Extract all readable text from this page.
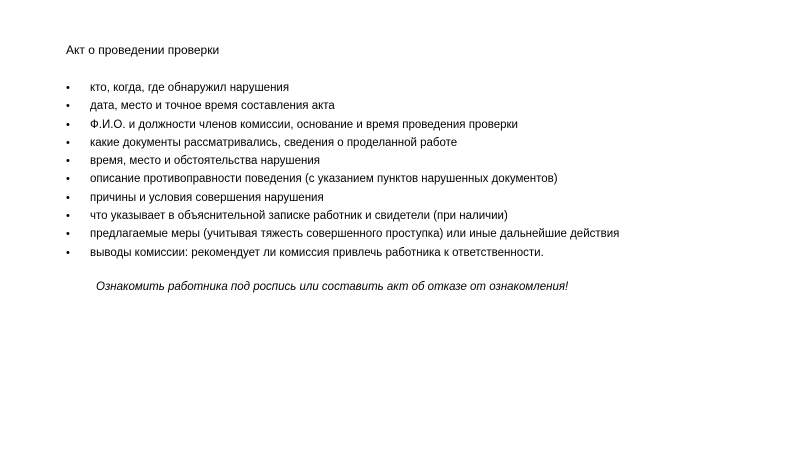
Акт о проведении проверки
• кто, когда, где обнаружил нарушения
• дата, место и точное время составления акта
• Ф.И.О. и должности членов комиссии, основание и время проведения проверки
• какие документы рассматривались, сведения о проделанной работе
• время, место и обстоятельства нарушения
• описание противоправности поведения (с указанием пунктов нарушенных документов)
• причины и условия совершения нарушения
• что указывает в объяснительной записке работник и свидетели (при наличии)
• предлагаемые меры (учитывая тяжесть совершенного проступка) или иные дальнейшие действия
• выводы комиссии: рекомендует ли комиссия привлечь работника к ответственности.
Ознакомить работника под роспись или составить акт об отказе от ознакомления!
